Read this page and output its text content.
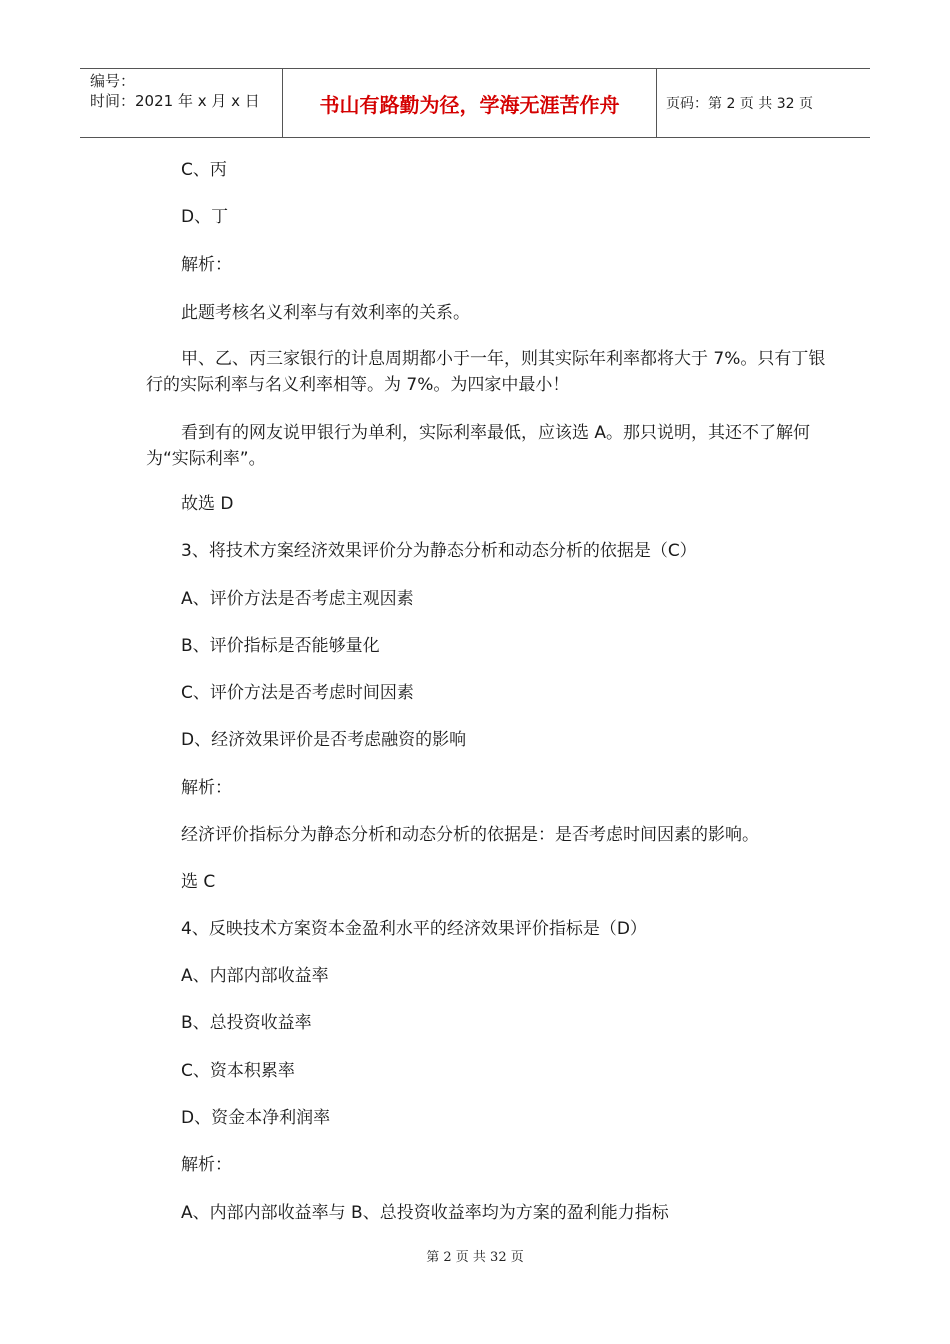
编号：
时间：2021 年 x 月 x 日	书山有路勤为径，学海无涯苦作舟	页码：第 2 页 共 32 页
C、丙
D、丁
解析：
此题考核名义利率与有效利率的关系。
甲、乙、丙三家银行的计息周期都小于一年，则其实际年利率都将大于 7%。只有丁银行的实际利率与名义利率相等。为 7%。为四家中最小！
看到有的网友说甲银行为单利，实际利率最低，应该选 A。那只说明，其还不了解何为“实际利率”。
故选 D
3、将技术方案经济效果评价分为静态分析和动态分析的依据是（C）
A、评价方法是否考虑主观因素
B、评价指标是否能够量化
C、评价方法是否考虑时间因素
D、经济效果评价是否考虑融资的影响
解析：
经济评价指标分为静态分析和动态分析的依据是：是否考虑时间因素的影响。
选 C
4、反映技术方案资本金盈利水平的经济效果评价指标是（D）
A、内部内部收益率
B、总投资收益率
C、资本积累率
D、资金本净利润率
解析：
A、内部内部收益率与 B、总投资收益率均为方案的盈利能力指标
第 2 页 共 32 页
